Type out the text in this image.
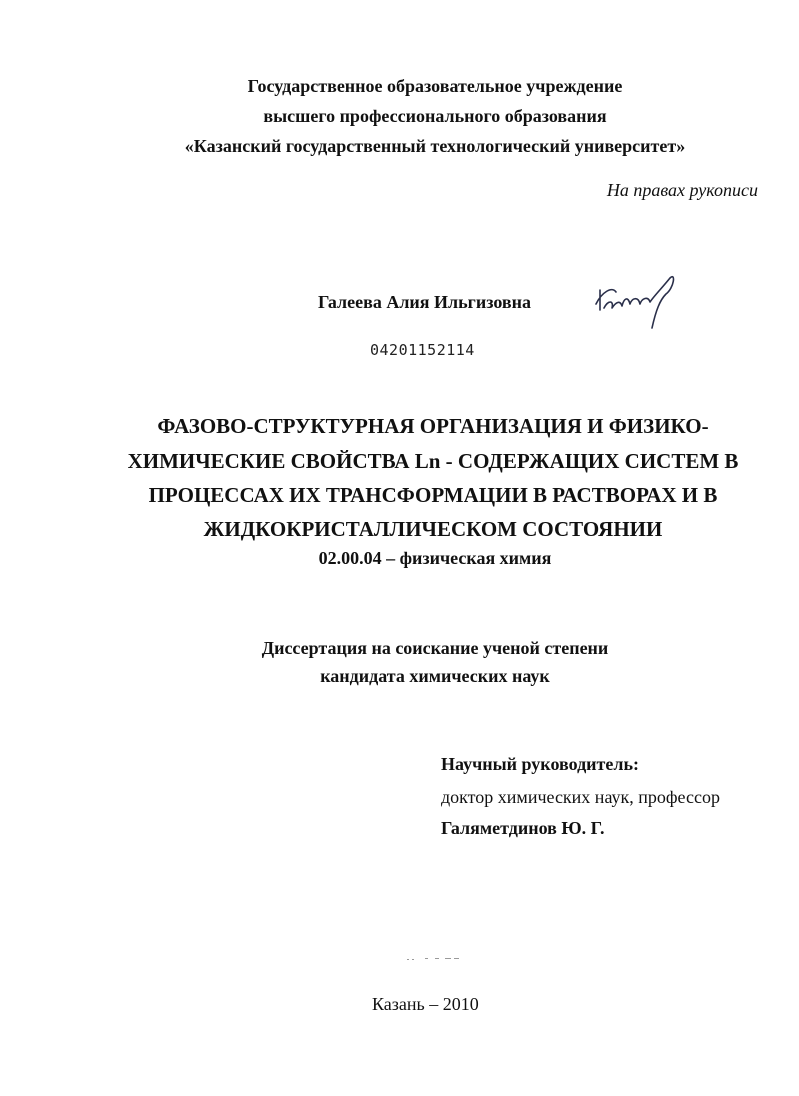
Государственное образовательное учреждение
высшего профессионального образования
«Казанский государственный технологический университет»
На правах рукописи
Галеева Алия Ильгизовна
04201152114
ФАЗОВО-СТРУКТУРНАЯ ОРГАНИЗАЦИЯ И ФИЗИКО-
ХИМИЧЕСКИЕ СВОЙСТВА Ln - СОДЕРЖАЩИХ СИСТЕМ В
ПРОЦЕССАХ ИХ ТРАНСФОРМАЦИИ В РАСТВОРАХ И В
ЖИДКОКРИСТАЛЛИЧЕСКОМ СОСТОЯНИИ
02.00.04 – физическая химия
Диссертация на соискание ученой степени
кандидата химических наук
Научный руководитель:
доктор химических наук, профессор
Галяметдинов Ю. Г.
Казань – 2010
